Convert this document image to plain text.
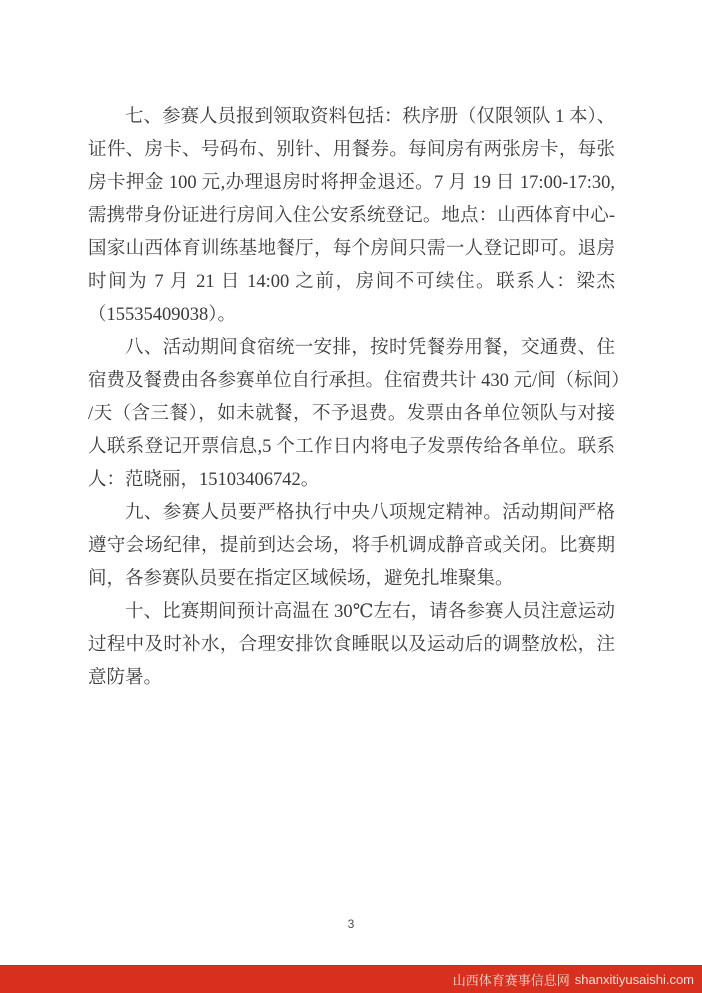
七、参赛人员报到领取资料包括：秩序册（仅限领队 1 本）、
证件、房卡、号码布、别针、用餐券。每间房有两张房卡，每张
房卡押金 100 元,办理退房时将押金退还。7 月 19 日 17:00-17:30,
需携带身份证进行房间入住公安系统登记。地点：山西体育中心-
国家山西体育训练基地餐厅，每个房间只需一人登记即可。退房
时间为 7 月 21 日 14:00 之前，房间不可续住。联系人：梁杰
（15535409038）。

八、活动期间食宿统一安排，按时凭餐券用餐，交通费、住
宿费及餐费由各参赛单位自行承担。住宿费共计 430 元/间（标间）
/天（含三餐），如未就餐，不予退费。发票由各单位领队与对接
人联系登记开票信息,5 个工作日内将电子发票传给各单位。联系
人：范晓丽，15103406742。

九、参赛人员要严格执行中央八项规定精神。活动期间严格
遵守会场纪律，提前到达会场，将手机调成静音或关闭。比赛期
间，各参赛队员要在指定区域候场，避免扎堆聚集。

十、比赛期间预计高温在 30℃左右，请各参赛人员注意运动
过程中及时补水，合理安排饮食睡眠以及运动后的调整放松，注
意防暑。

3
山西体育赛事信息网 shanxitiyusaishi.com
